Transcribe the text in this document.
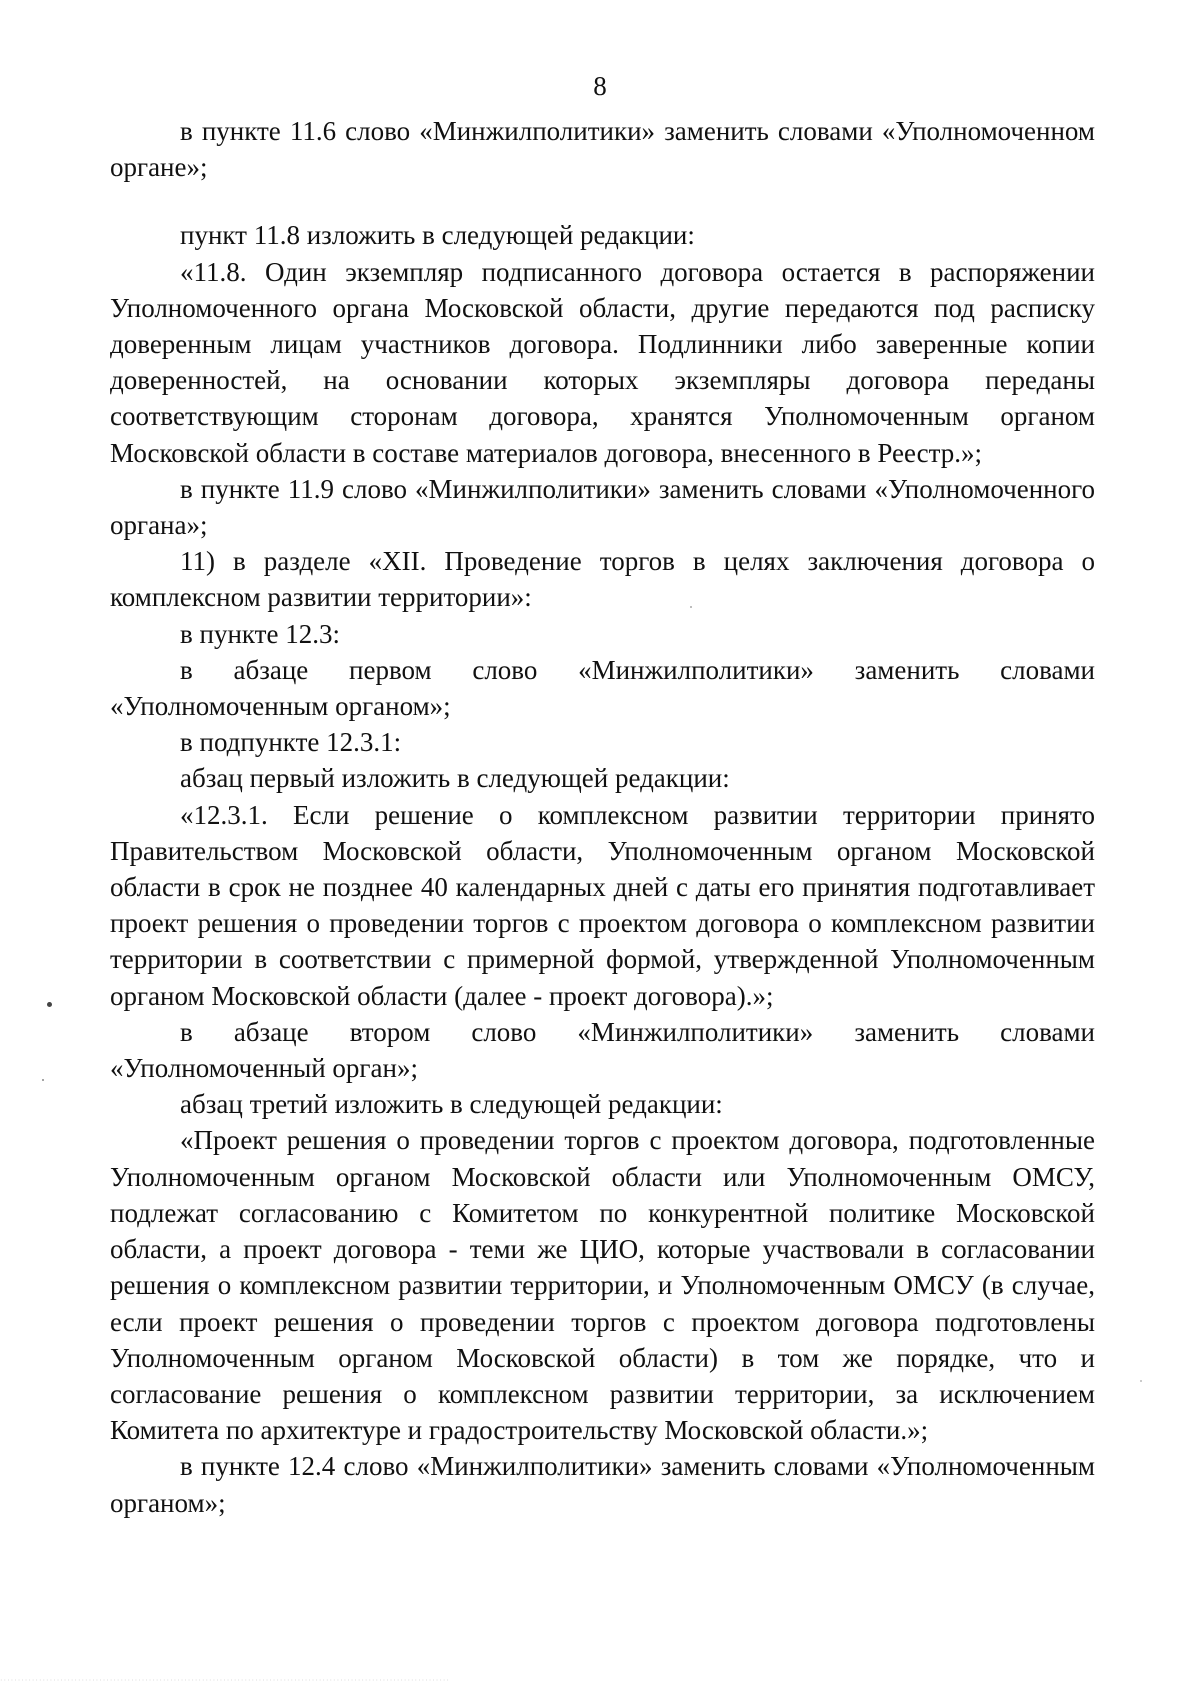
8

в пункте 11.6 слово «Минжилполитики» заменить словами «Уполномоченном органе»;

пункт 11.8 изложить в следующей редакции:

«11.8. Один экземпляр подписанного договора остается в распоряжении Уполномоченного органа Московской области, другие передаются под расписку доверенным лицам участников договора. Подлинники либо заверенные копии доверенностей, на основании которых экземпляры договора переданы соответствующим сторонам договора, хранятся Уполномоченным органом Московской области в составе материалов договора, внесенного в Реестр.»;

в пункте 11.9 слово «Минжилполитики» заменить словами «Уполномоченного органа»;

11) в разделе «XII. Проведение торгов в целях заключения договора о комплексном развитии территории»:

в пункте 12.3:

в абзаце первом слово «Минжилполитики» заменить словами «Уполномоченным органом»;

в подпункте 12.3.1:

абзац первый изложить в следующей редакции:

«12.3.1. Если решение о комплексном развитии территории принято Правительством Московской области, Уполномоченным органом Московской области в срок не позднее 40 календарных дней с даты его принятия подготавливает проект решения о проведении торгов с проектом договора о комплексном развитии территории в соответствии с примерной формой, утвержденной Уполномоченным органом Московской области (далее - проект договора).»;

в абзаце втором слово «Минжилполитики» заменить словами «Уполномоченный орган»;

абзац третий изложить в следующей редакции:

«Проект решения о проведении торгов с проектом договора, подготовленные Уполномоченным органом Московской области или Уполномоченным ОМСУ, подлежат согласованию с Комитетом по конкурентной политике Московской области, а проект договора - теми же ЦИО, которые участвовали в согласовании решения о комплексном развитии территории, и Уполномоченным ОМСУ (в случае, если проект решения о проведении торгов с проектом договора подготовлены Уполномоченным органом Московской области) в том же порядке, что и согласование решения о комплексном развитии территории, за исключением Комитета по архитектуре и градостроительству Московской области.»;

в пункте 12.4 слово «Минжилполитики» заменить словами «Уполномоченным органом»;

·······························································································································
